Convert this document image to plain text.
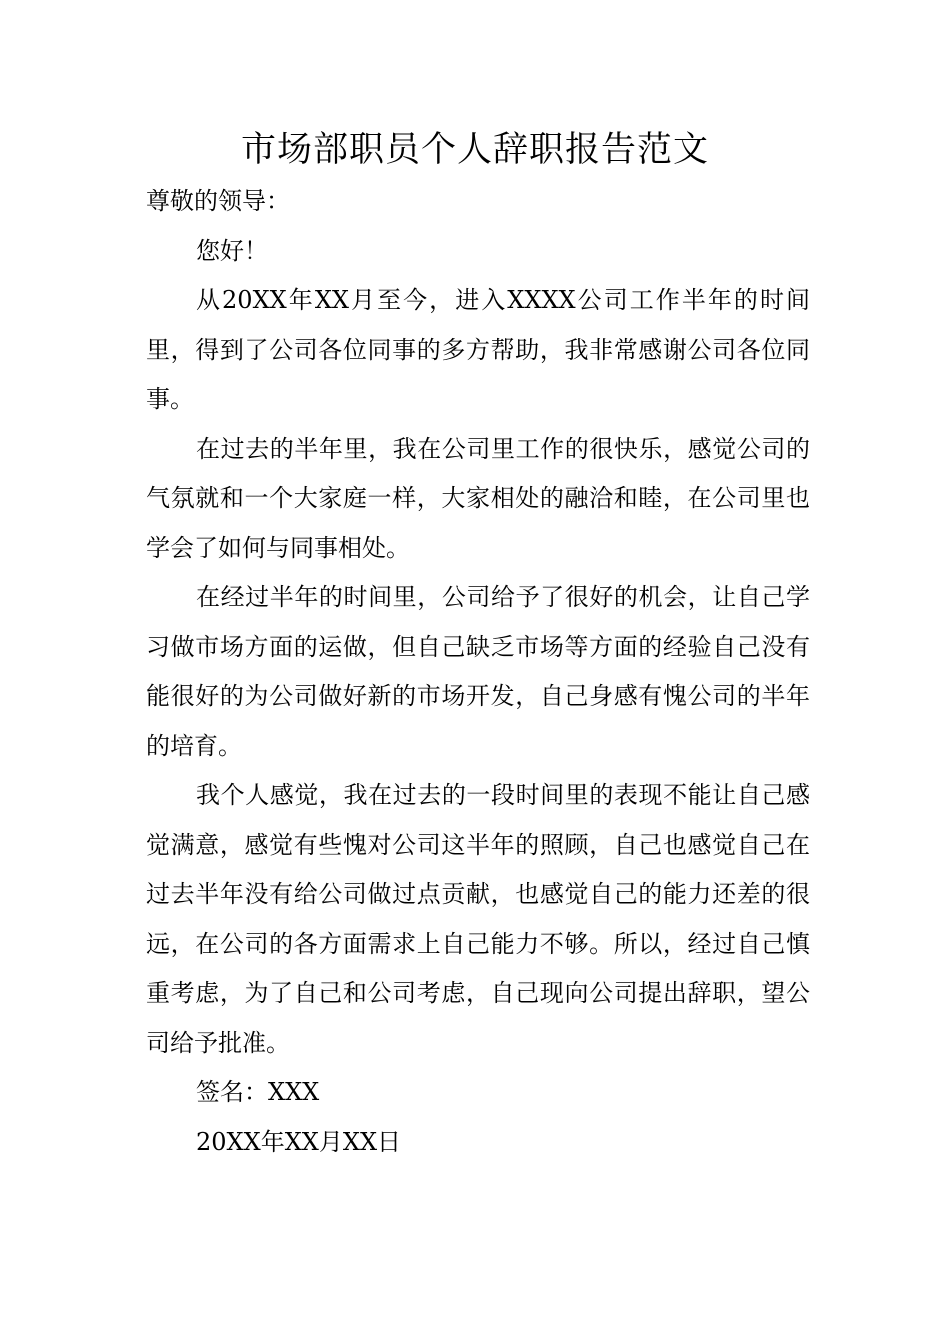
市场部职员个人辞职报告范文

尊敬的领导：

您好！

从20XX年XX月至今，进入XXXX公司工作半年的时间里，得到了公司各位同事的多方帮助，我非常感谢公司各位同事。

在过去的半年里，我在公司里工作的很快乐，感觉公司的气氛就和一个大家庭一样，大家相处的融洽和睦，在公司里也学会了如何与同事相处。

在经过半年的时间里，公司给予了很好的机会，让自己学习做市场方面的运做，但自己缺乏市场等方面的经验自己没有能很好的为公司做好新的市场开发，自己身感有愧公司的半年的培育。

我个人感觉，我在过去的一段时间里的表现不能让自己感觉满意，感觉有些愧对公司这半年的照顾，自己也感觉自己在过去半年没有给公司做过点贡献，也感觉自己的能力还差的很远，在公司的各方面需求上自己能力不够。所以，经过自己慎重考虑，为了自己和公司考虑，自己现向公司提出辞职，望公司给予批准。

签名：XXX

20XX年XX月XX日
